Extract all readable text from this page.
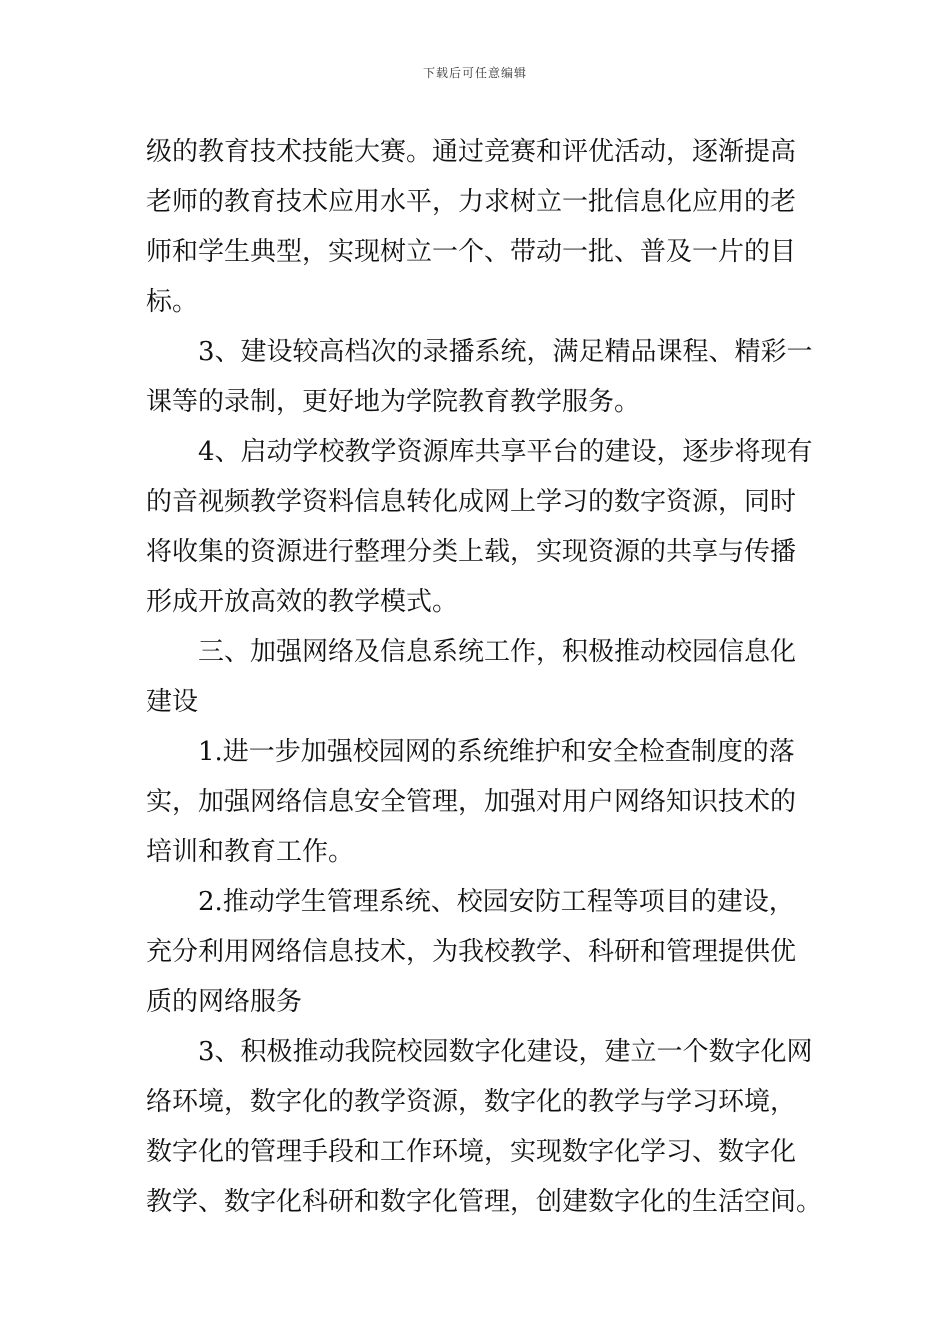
下载后可任意编辑
级的教育技术技能大赛。通过竞赛和评优活动，逐渐提高
老师的教育技术应用水平，力求树立一批信息化应用的老
师和学生典型，实现树立一个、带动一批、普及一片的目
标。
　　3、建设较高档次的录播系统，满足精品课程、精彩一
课等的录制，更好地为学院教育教学服务。
　　4、启动学校教学资源库共享平台的建设，逐步将现有
的音视频教学资料信息转化成网上学习的数字资源，同时
将收集的资源进行整理分类上载，实现资源的共享与传播
形成开放高效的教学模式。
　　三、加强网络及信息系统工作，积极推动校园信息化
建设
　　1.进一步加强校园网的系统维护和安全检查制度的落
实，加强网络信息安全管理，加强对用户网络知识技术的
培训和教育工作。
　　2.推动学生管理系统、校园安防工程等项目的建设，
充分利用网络信息技术，为我校教学、科研和管理提供优
质的网络服务
　　3、积极推动我院校园数字化建设，建立一个数字化网
络环境，数字化的教学资源，数字化的教学与学习环境，
数字化的管理手段和工作环境，实现数字化学习、数字化
教学、数字化科研和数字化管理，创建数字化的生活空间。
